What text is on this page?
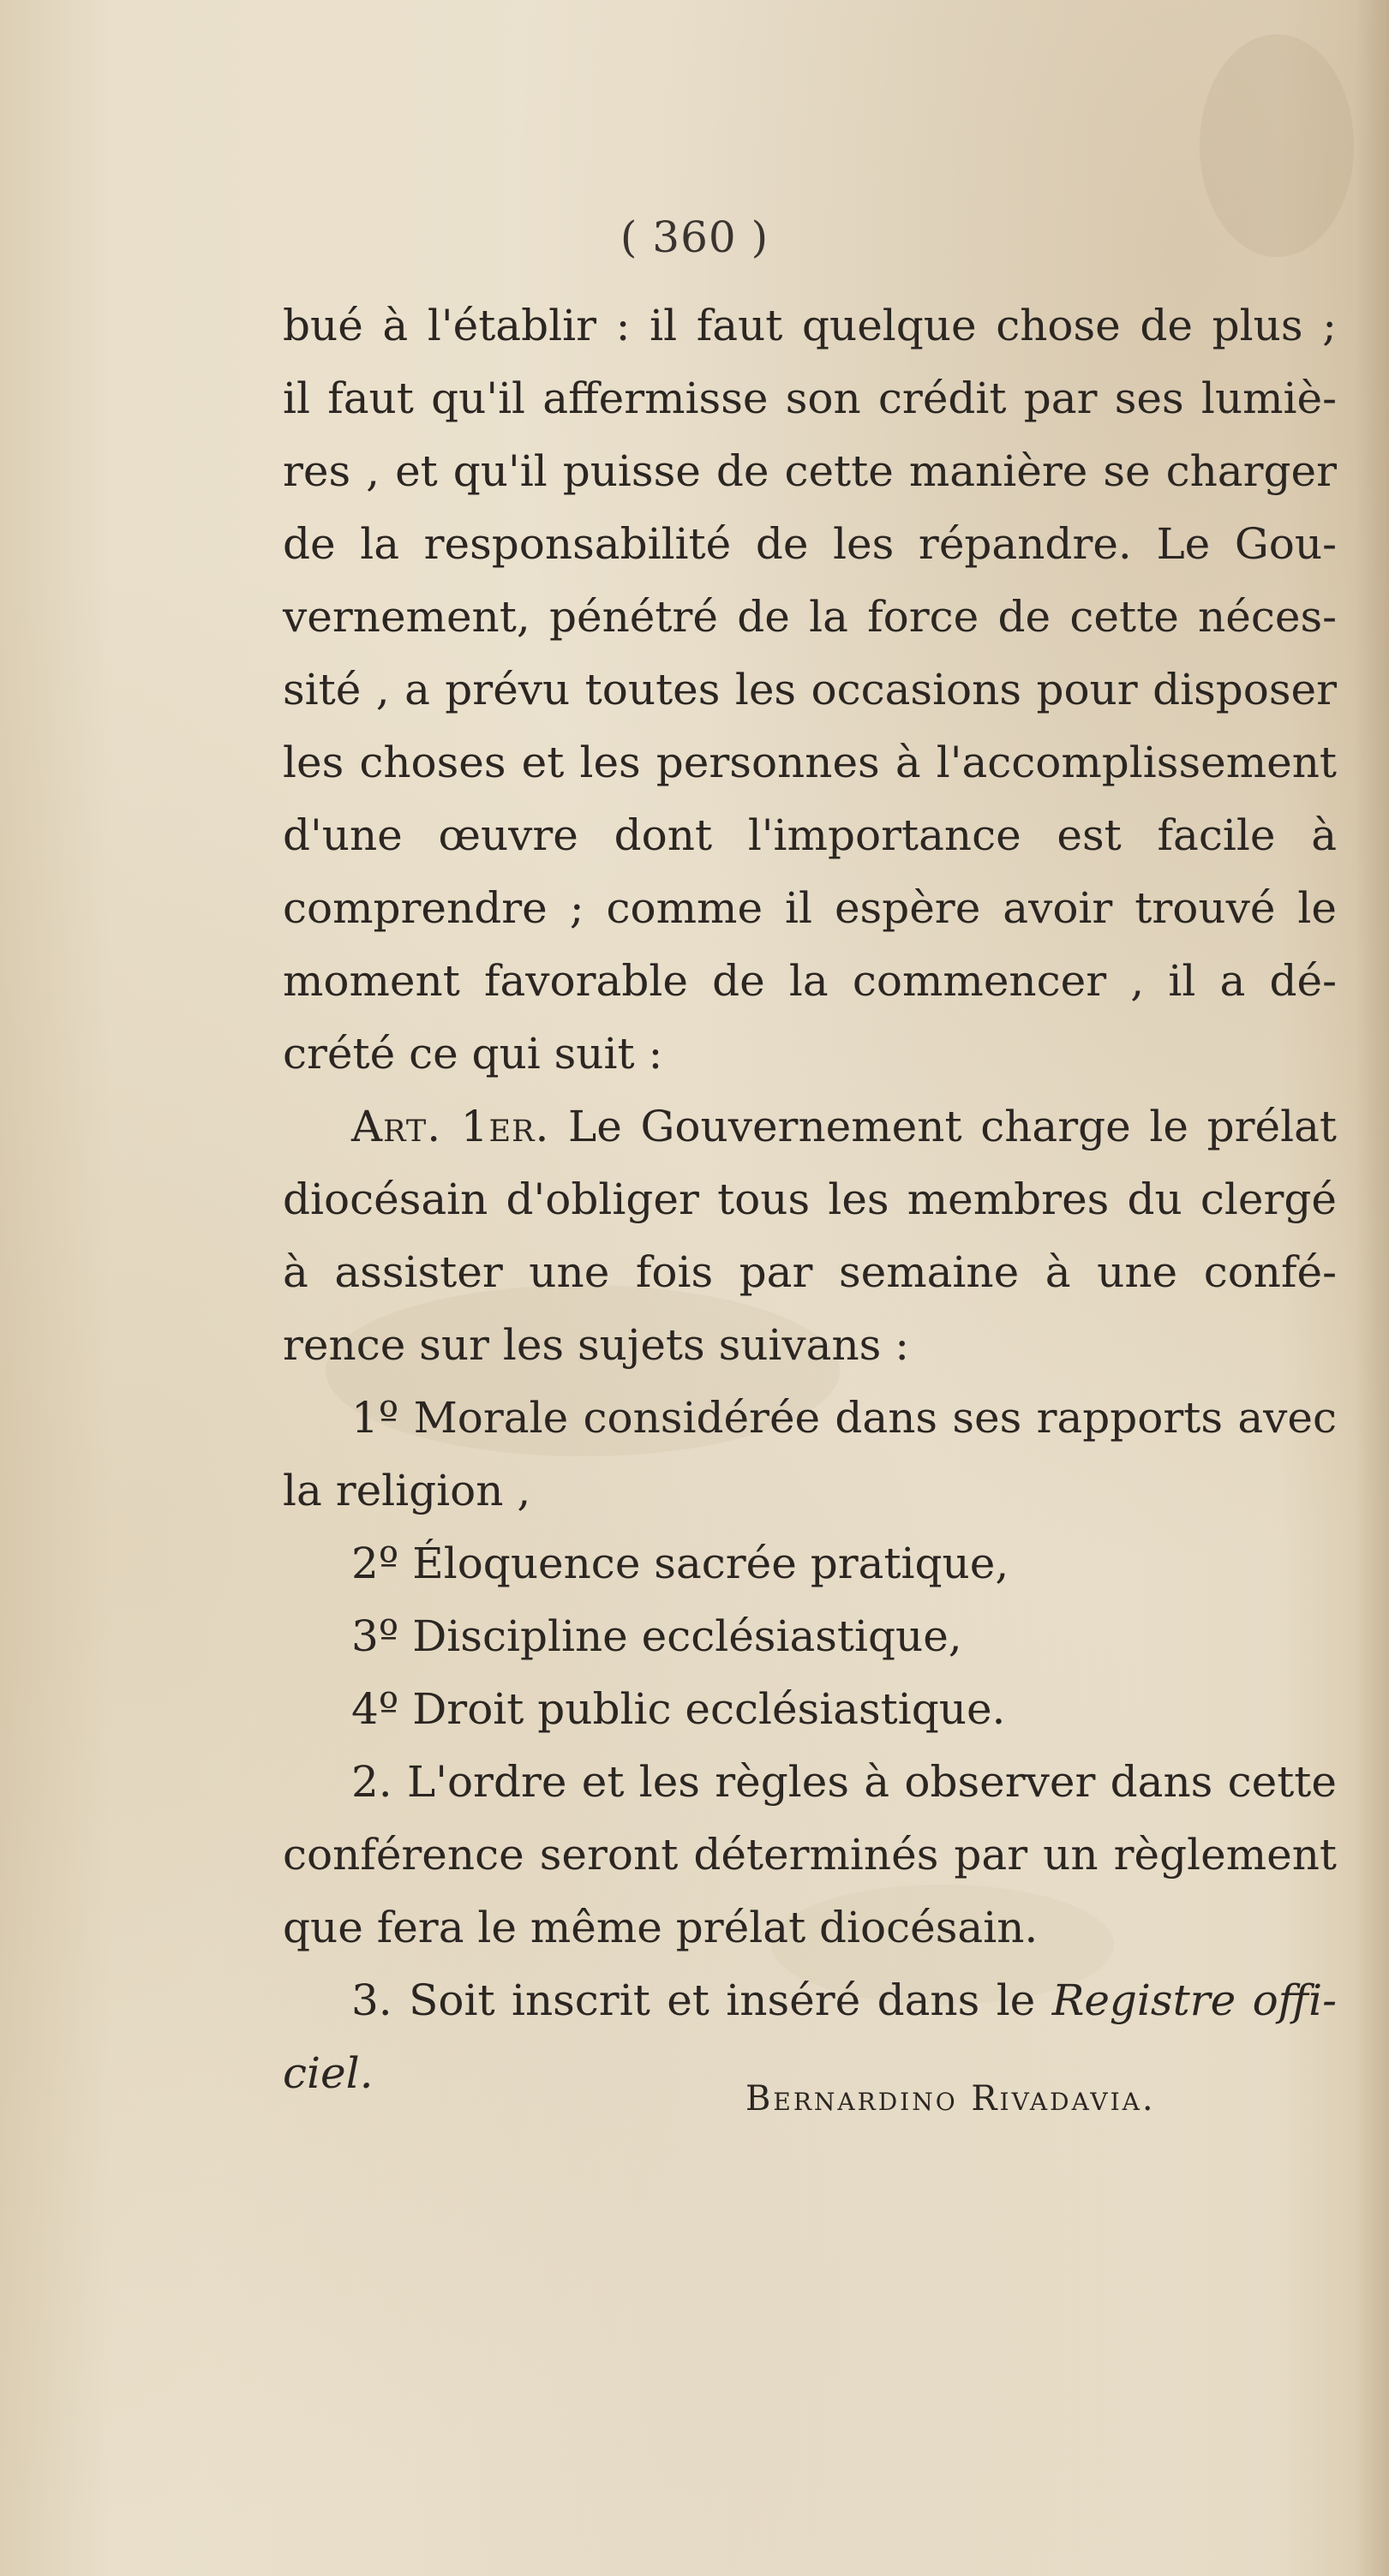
( 360 )
bué à l'établir : il faut quelque chose de plus ;
il faut qu'il affermisse son crédit par ses lumiè-
res , et qu'il puisse de cette manière se charger
de la responsabilité de les répandre. Le Gou-
vernement, pénétré de la force de cette néces-
sité , a prévu toutes les occasions pour disposer
les choses et les personnes à l'accomplissement
d'une œuvre dont l'importance est facile à
comprendre ; comme il espère avoir trouvé le
moment favorable de la commencer , il a dé-
crété ce qui suit :
Art. 1er. Le Gouvernement charge le prélat
diocésain d'obliger tous les membres du clergé
à assister une fois par semaine à une confé-
rence sur les sujets suivans :
1º Morale considérée dans ses rapports avec
la religion ,
2º Éloquence sacrée pratique,
3º Discipline ecclésiastique,
4º Droit public ecclésiastique.
2. L'ordre et les règles à observer dans cette
conférence seront déterminés par un règlement
que fera le même prélat diocésain.
3. Soit inscrit et inséré dans le Registre offi-
ciel.
Bernardino Rivadavia.
